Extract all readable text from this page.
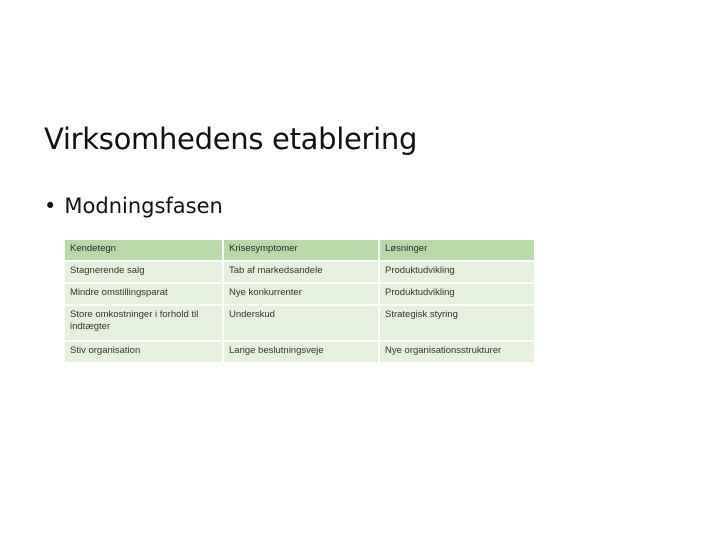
Virksomhedens etablering
• Modningsfasen
Kendetegn	Krisesymptomer	Løsninger
Stagnerende salg	Tab af markedsandele	Produktudvikling
Mindre omstillingsparat	Nye konkurrenter	Produktudvikling
Store omkostninger i forhold til indtægter	Underskud	Strategisk styring
Stiv organisation	Lange beslutningsveje	Nye organisationsstrukturer
